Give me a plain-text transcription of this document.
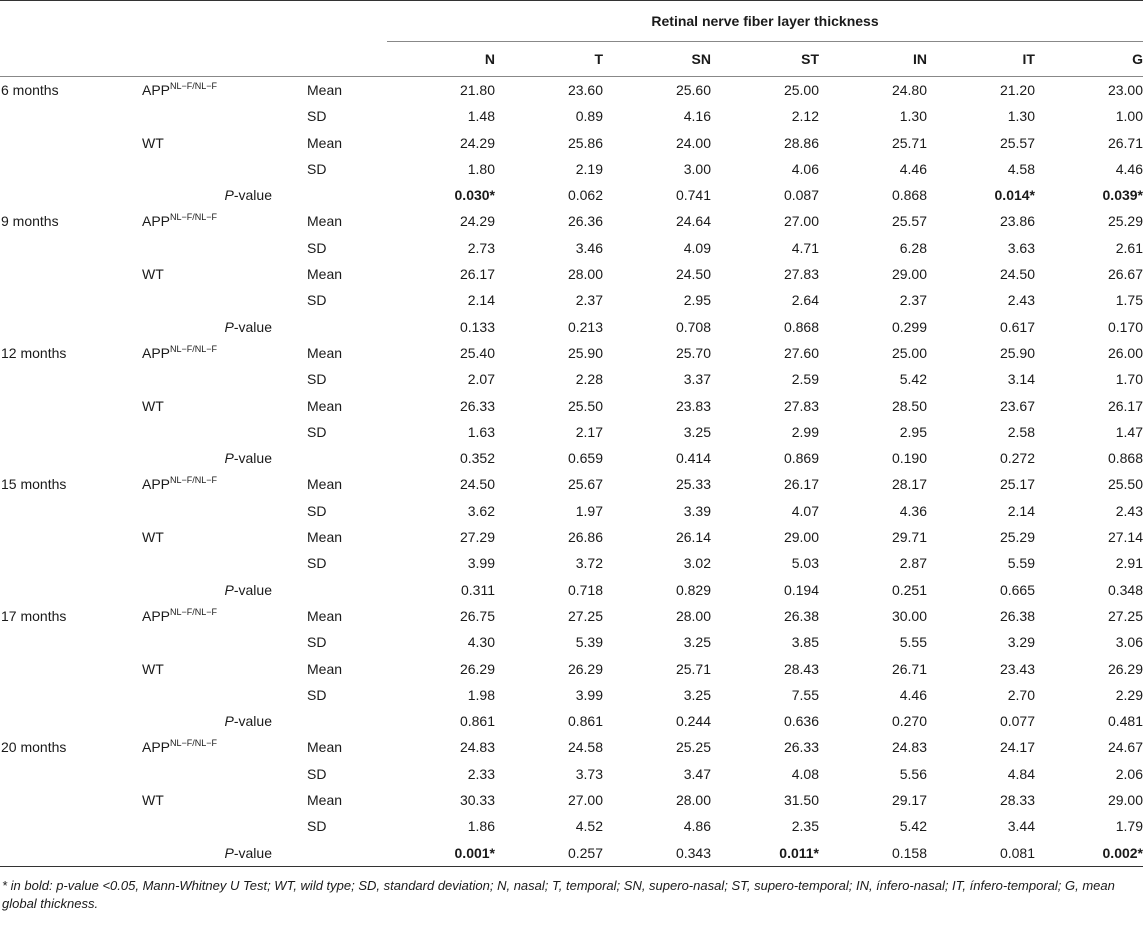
			Retinal nerve fiber layer thickness						
			N	T	SN	ST	IN	IT	G
6 months	$APP^{NL-F/NL-F}$	Mean	21.80	23.60	25.60	25.00	24.80	21.20	23.00
		SD	1.48	0.89	4.16	2.12	1.30	1.30	1.00
	WT	Mean	24.29	25.86	24.00	28.86	25.71	25.57	26.71
		SD	1.80	2.19	3.00	4.06	4.46	4.58	4.46
	P-value		0.030*	0.062	0.741	0.087	0.868	0.014*	0.039*
9 months	$APP^{NL-F/NL-F}$	Mean	24.29	26.36	24.64	27.00	25.57	23.86	25.29
		SD	2.73	3.46	4.09	4.71	6.28	3.63	2.61
	WT	Mean	26.17	28.00	24.50	27.83	29.00	24.50	26.67
		SD	2.14	2.37	2.95	2.64	2.37	2.43	1.75
	P-value		0.133	0.213	0.708	0.868	0.299	0.617	0.170
12 months	$APP^{NL-F/NL-F}$	Mean	25.40	25.90	25.70	27.60	25.00	25.90	26.00
		SD	2.07	2.28	3.37	2.59	5.42	3.14	1.70
	WT	Mean	26.33	25.50	23.83	27.83	28.50	23.67	26.17
		SD	1.63	2.17	3.25	2.99	2.95	2.58	1.47
	P-value		0.352	0.659	0.414	0.869	0.190	0.272	0.868
15 months	$APP^{NL-F/NL-F}$	Mean	24.50	25.67	25.33	26.17	28.17	25.17	25.50
		SD	3.62	1.97	3.39	4.07	4.36	2.14	2.43
	WT	Mean	27.29	26.86	26.14	29.00	29.71	25.29	27.14
		SD	3.99	3.72	3.02	5.03	2.87	5.59	2.91
	P-value		0.311	0.718	0.829	0.194	0.251	0.665	0.348
17 months	$APP^{NL-F/NL-F}$	Mean	26.75	27.25	28.00	26.38	30.00	26.38	27.25
		SD	4.30	5.39	3.25	3.85	5.55	3.29	3.06
	WT	Mean	26.29	26.29	25.71	28.43	26.71	23.43	26.29
		SD	1.98	3.99	3.25	7.55	4.46	2.70	2.29
	P-value		0.861	0.861	0.244	0.636	0.270	0.077	0.481
20 months	$APP^{NL-F/NL-F}$	Mean	24.83	24.58	25.25	26.33	24.83	24.17	24.67
		SD	2.33	3.73	3.47	4.08	5.56	4.84	2.06
	WT	Mean	30.33	27.00	28.00	31.50	29.17	28.33	29.00
		SD	1.86	4.52	4.86	2.35	5.42	3.44	1.79
	P-value		0.001*	0.257	0.343	0.011*	0.158	0.081	0.002*
* in bold: p-value <0.05, Mann-Whitney U Test; WT, wild type; SD, standard deviation; N, nasal; T, temporal; SN, supero-nasal; ST, supero-temporal; IN, ínfero-nasal; IT, ínfero-temporal; G, mean global thickness.
